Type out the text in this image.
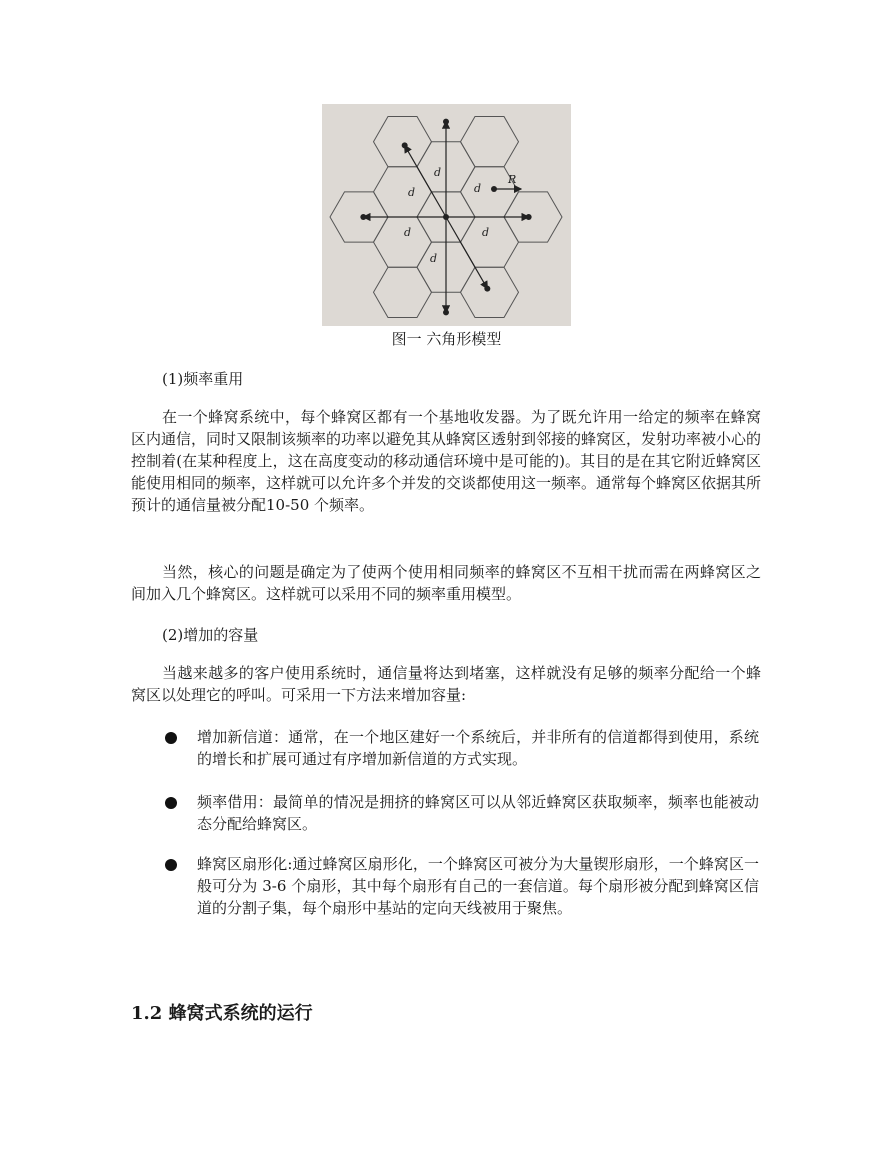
d
d
d
d
d
d
R
图一 六角形模型

(1)频率重用

在一个蜂窝系统中，每个蜂窝区都有一个基地收发器。为了既允许用一给定的频率在蜂窝区内通信，同时又限制该频率的功率以避免其从蜂窝区透射到邻接的蜂窝区，发射功率被小心的控制着(在某种程度上，这在高度变动的移动通信环境中是可能的)。其目的是在其它附近蜂窝区能使用相同的频率，这样就可以允许多个并发的交谈都使用这一频率。通常每个蜂窝区依据其所预计的通信量被分配10-50 个频率。

当然，核心的问题是确定为了使两个使用相同频率的蜂窝区不互相干扰而需在两蜂窝区之间加入几个蜂窝区。这样就可以采用不同的频率重用模型。

(2)增加的容量

当越来越多的客户使用系统时，通信量将达到堵塞，这样就没有足够的频率分配给一个蜂窝区以处理它的呼叫。可采用一下方法来增加容量:

增加新信道：通常，在一个地区建好一个系统后，并非所有的信道都得到使用，系统的增长和扩展可通过有序增加新信道的方式实现。

频率借用：最简单的情况是拥挤的蜂窝区可以从邻近蜂窝区获取频率，频率也能被动态分配给蜂窝区。

蜂窝区扇形化:通过蜂窝区扇形化，一个蜂窝区可被分为大量锲形扇形，一个蜂窝区一般可分为 3-6 个扇形，其中每个扇形有自己的一套信道。每个扇形被分配到蜂窝区信道的分割子集，每个扇形中基站的定向天线被用于聚焦。

1.2 蜂窝式系统的运行
